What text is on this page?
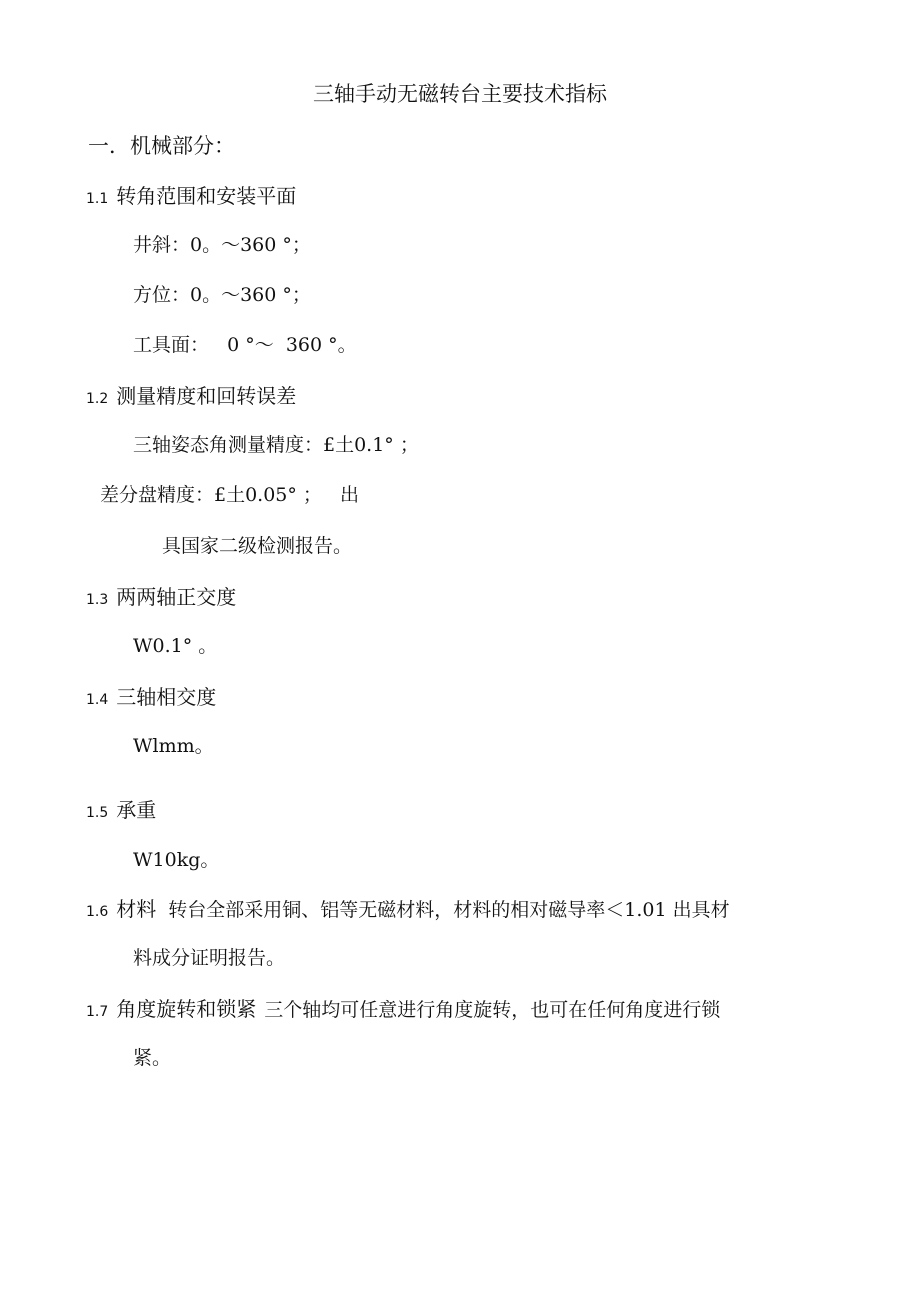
三轴手动无磁转台主要技术指标
一．机械部分：
1.1 转角范围和安装平面
井斜：0。～360 °；
方位：0。～360 °；
工具面：   0 °～  360 °。
1.2 测量精度和回转误差
三轴姿态角测量精度：£土0.1° ；
差分盘精度：£土0.05° ；   出
具国家二级检测报告。
1.3 两两轴正交度
W0.1° 。
1.4 三轴相交度
Wlmm。
1.5 承重
W10kg。
1.6 材料 转台全部采用铜、铝等无磁材料，材料的相对磁导率＜1.01 出具材
料成分证明报告。
1.7 角度旋转和锁紧 三个轴均可任意进行角度旋转，也可在任何角度进行锁
紧。
